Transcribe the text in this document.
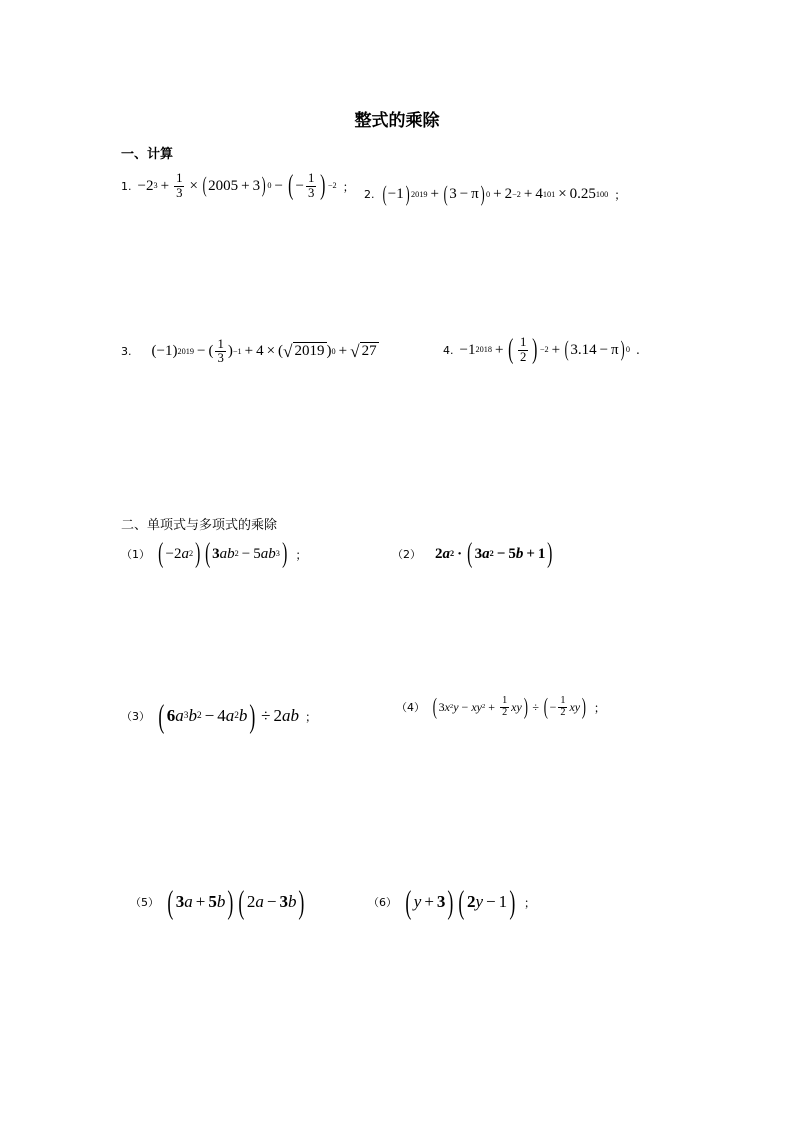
整式的乘除
一、计算
1. − 2 $3 + \frac{1}{3}$ × ( 2005 + 3 ) 0 − ( − $\frac{1}{3}$ ) −2 ；
2. ( − 1 ) 2019 + ( 3 − π ) 0 + 2 −2 + 4 101 × 0.25 100 ；
3. (− 1 ) 2019 − ( $\frac{1}{3}$ ) −1 + 4 × ( √ 2019 ) 0 + √ 27	4. − 1 2018 + ( $\frac{1}{2}$ ) −2 + ( 3.14 − π ) 0 .
二、单项式与多项式的乘除
（1） ( − 2 a 2 ) ( 3 a b 2 − 5 a b 3 ) ；	（2） 2 a 2 · ( 3 a 2 − 5 b + 1 )
（3） ( 6 a 3 b 2 − 4 a 2 b ) ÷ 2 a b ；
（4） ( 3 x 2 y − x y $2 + \frac{1}{2}$ x y ) ÷ ( − $\frac{1}{2}$ x y ) ；
（5） ( 3 a + 5 b ) ( 2 a − 3 b )	（6） ( y + 3 ) ( 2 y − 1 ) ；
